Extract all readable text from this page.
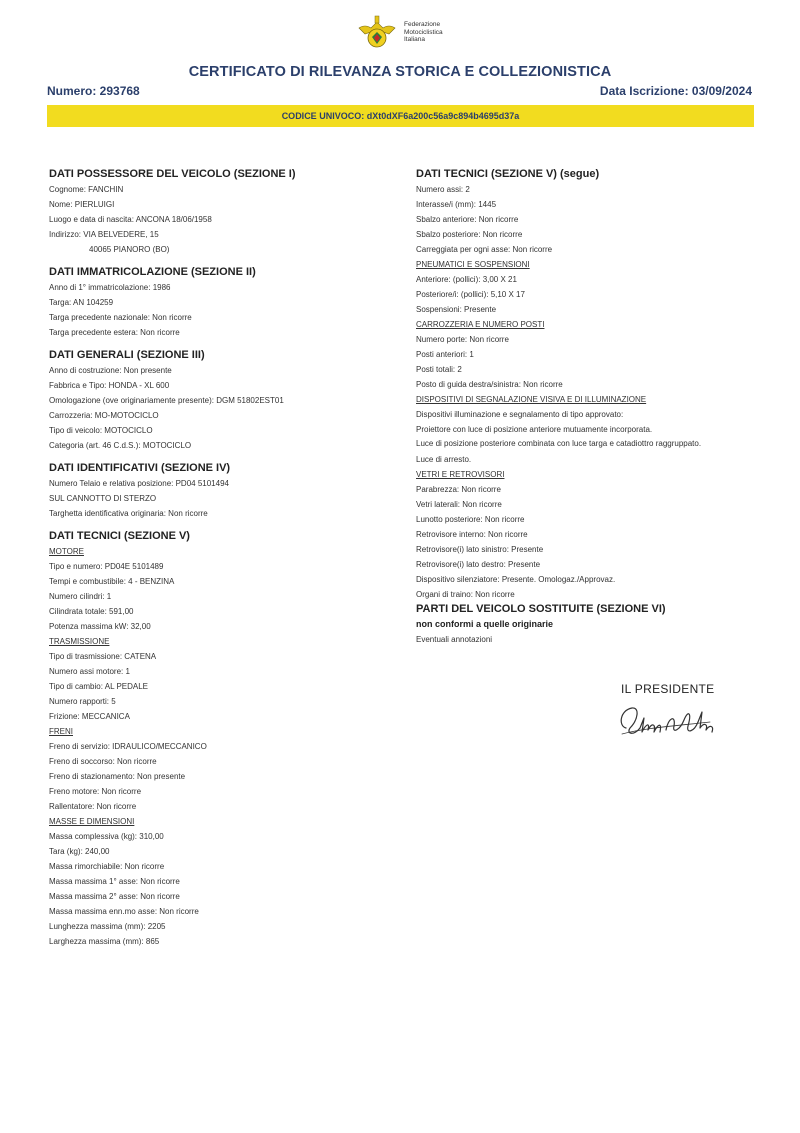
Federazione
Motociclistica
Italiana
CERTIFICATO DI RILEVANZA STORICA E COLLEZIONISTICA
Numero: 293768	Data Iscrizione: 03/09/2024
CODICE UNIVOCO: dXt0dXF6a200c56a9c894b4695d37a

DATI POSSESSORE DEL VEICOLO (SEZIONE I)

Cognome: FANCHIN

Nome: PIERLUIGI

Luogo e data di nascita: ANCONA 18/06/1958

Indirizzo: VIA BELVEDERE, 15

40065 PIANORO (BO)

DATI IMMATRICOLAZIONE (SEZIONE II)

Anno di 1° immatricolazione: 1986

Targa: AN 104259

Targa precedente nazionale: Non ricorre

Targa precedente estera: Non ricorre

DATI GENERALI (SEZIONE III)

Anno di costruzione: Non presente

Fabbrica e Tipo: HONDA - XL 600

Omologazione (ove originariamente presente): DGM 51802EST01

Carrozzeria: MO-MOTOCICLO

Tipo di veicolo: MOTOCICLO

Categoria (art. 46 C.d.S.): MOTOCICLO

DATI IDENTIFICATIVI (SEZIONE IV)

Numero Telaio e relativa posizione: PD04 5101494

SUL CANNOTTO DI STERZO

Targhetta identificativa originaria: Non ricorre

DATI TECNICI (SEZIONE V)

MOTORE

Tipo e numero: PD04E 5101489

Tempi e combustibile: 4 - BENZINA

Numero cilindri: 1

Cilindrata totale: 591,00

Potenza massima kW: 32,00

TRASMISSIONE

Tipo di trasmissione: CATENA

Numero assi motore: 1

Tipo di cambio: AL PEDALE

Numero rapporti: 5

Frizione: MECCANICA

FRENI

Freno di servizio: IDRAULICO/MECCANICO

Freno di soccorso: Non ricorre

Freno di stazionamento: Non presente

Freno motore: Non ricorre

Rallentatore: Non ricorre

MASSE E DIMENSIONI

Massa complessiva (kg): 310,00

Tara (kg): 240,00

Massa rimorchiabile: Non ricorre

Massa massima 1° asse: Non ricorre

Massa massima 2° asse: Non ricorre

Massa massima enn.mo asse: Non ricorre

Lunghezza massima (mm): 2205

Larghezza massima (mm): 865

DATI TECNICI (SEZIONE V) (segue)

Numero assi: 2

Interasse/i (mm): 1445

Sbalzo anteriore: Non ricorre

Sbalzo posteriore: Non ricorre

Carreggiata per ogni asse: Non ricorre

PNEUMATICI E SOSPENSIONI

Anteriore: (pollici): 3,00 X 21

Posteriore/i: (pollici): 5,10 X 17

Sospensioni: Presente

CARROZZERIA E NUMERO POSTI

Numero porte: Non ricorre

Posti anteriori: 1

Posti totali: 2

Posto di guida destra/sinistra: Non ricorre

DISPOSITIVI DI SEGNALAZIONE VISIVA E DI ILLUMINAZIONE

Dispositivi illuminazione e segnalamento di tipo approvato:

Proiettore con luce di posizione anteriore mutuamente incorporata.

Luce di posizione posteriore combinata con luce targa e catadiottro raggruppato.

Luce di arresto.

VETRI E RETROVISORI

Parabrezza: Non ricorre

Vetri laterali: Non ricorre

Lunotto posteriore: Non ricorre

Retrovisore interno: Non ricorre

Retrovisore(i) lato sinistro: Presente

Retrovisore(i) lato destro: Presente

Dispositivo silenziatore: Presente. Omologaz./Approvaz.

Organi di traino: Non ricorre

PARTI DEL VEICOLO SOSTITUITE (SEZIONE VI)

non conformi a quelle originarie

Eventuali annotazioni

IL PRESIDENTE
